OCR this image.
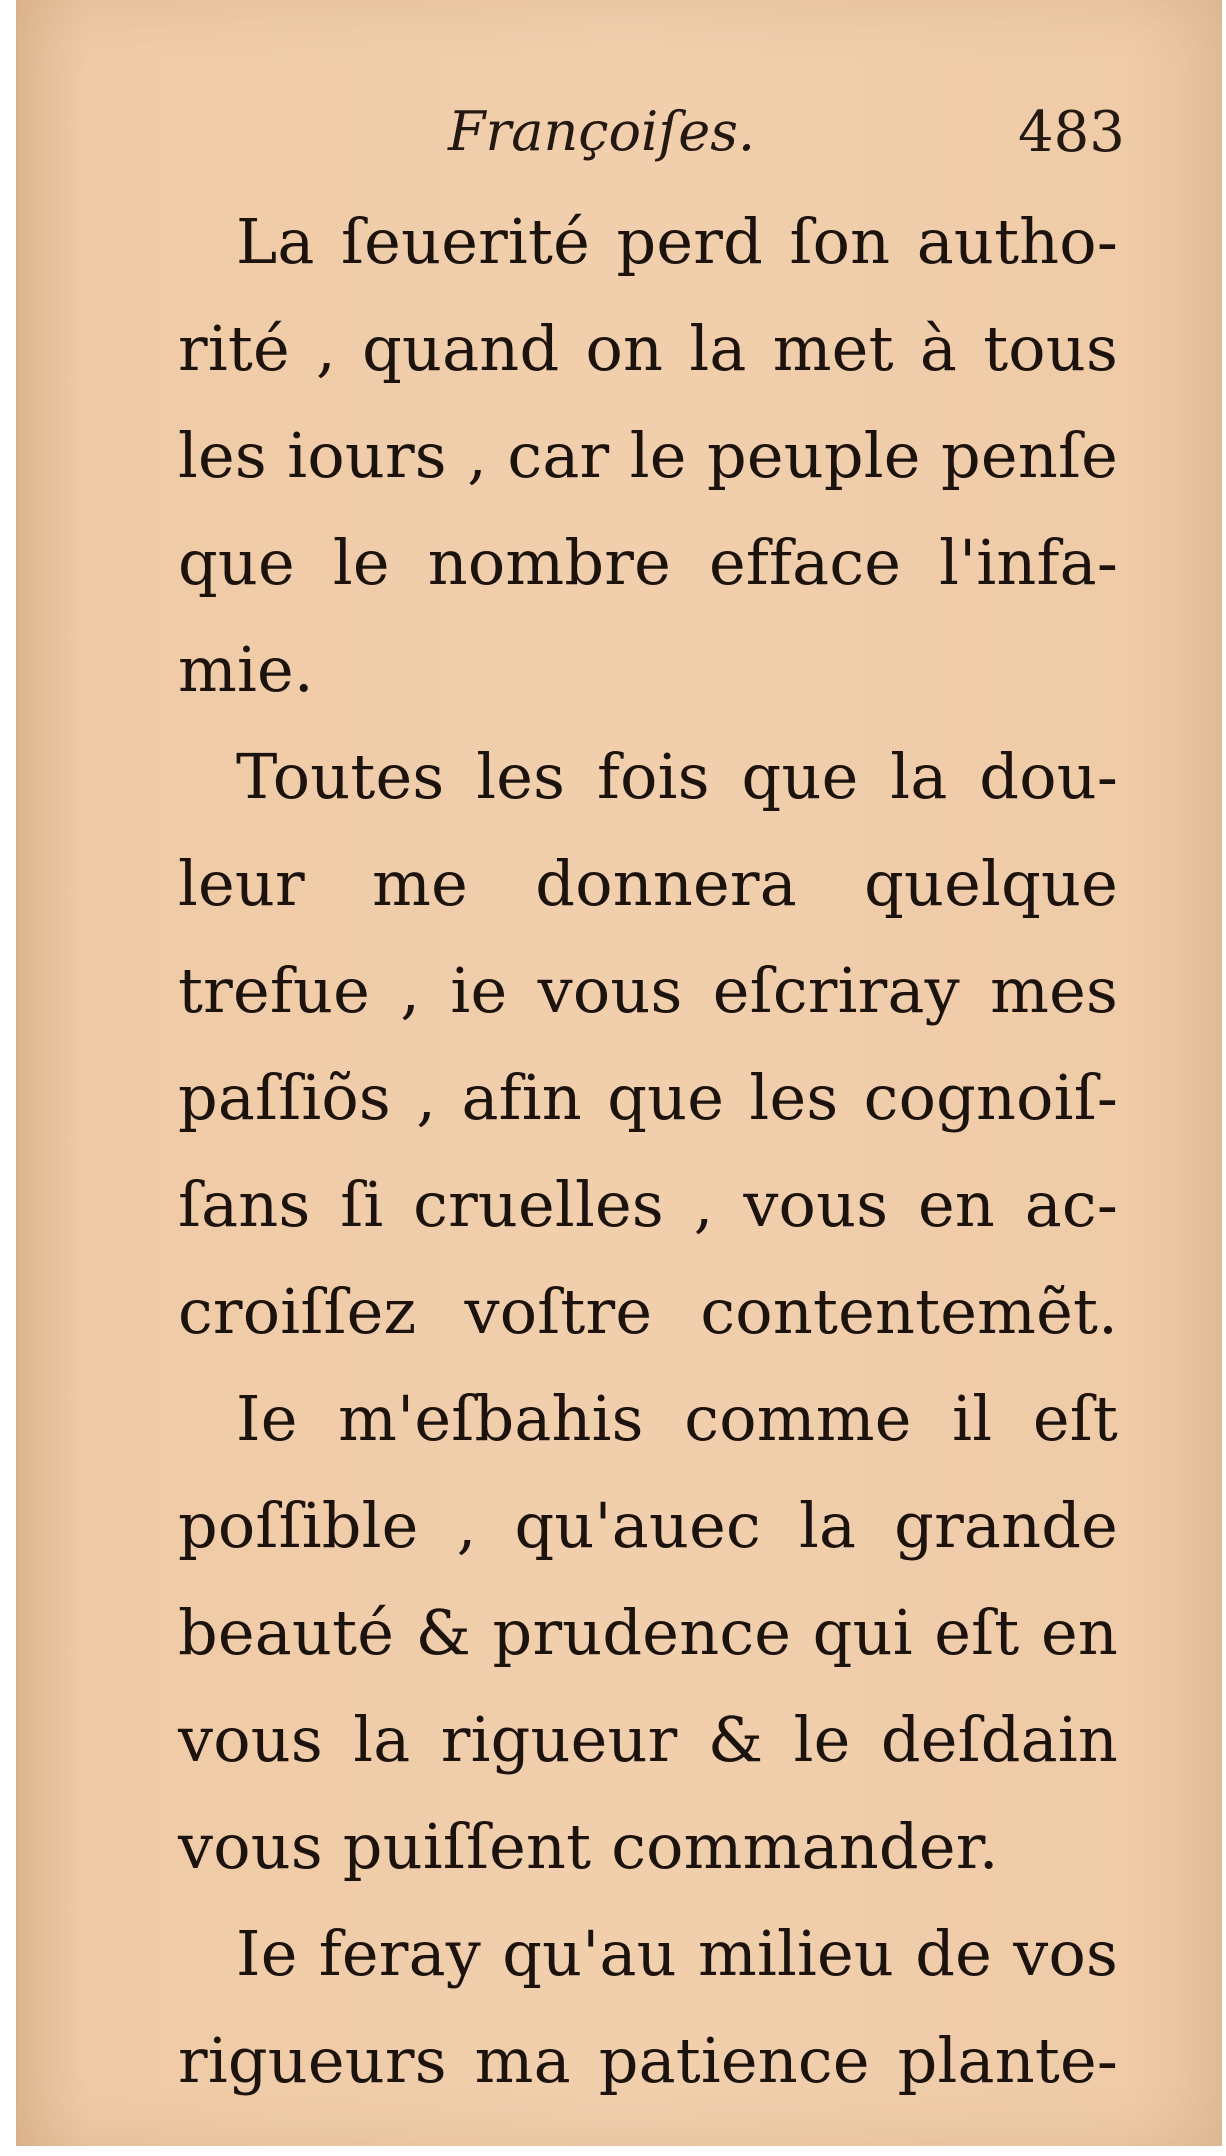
Françoiſes.	483
La ſeuerité perd ſon autho-
rité , quand on la met à tous
les iours , car le peuple penſe
que le nombre efface l'infa-
mie.
Toutes les fois que la dou-
leur me donnera quelque
trefue , ie vous eſcriray mes
paſſiõs , afin que les cognoiſ-
ſans ſi cruelles , vous en ac-
croiſſez voſtre contentemẽt.
Ie m'eſbahis comme il eſt
poſſible , qu'auec la grande
beauté & prudence qui eſt en
vous la rigueur & le deſdain
vous puiſſent commander.
Ie feray qu'au milieu de vos
rigueurs ma patience plante-
